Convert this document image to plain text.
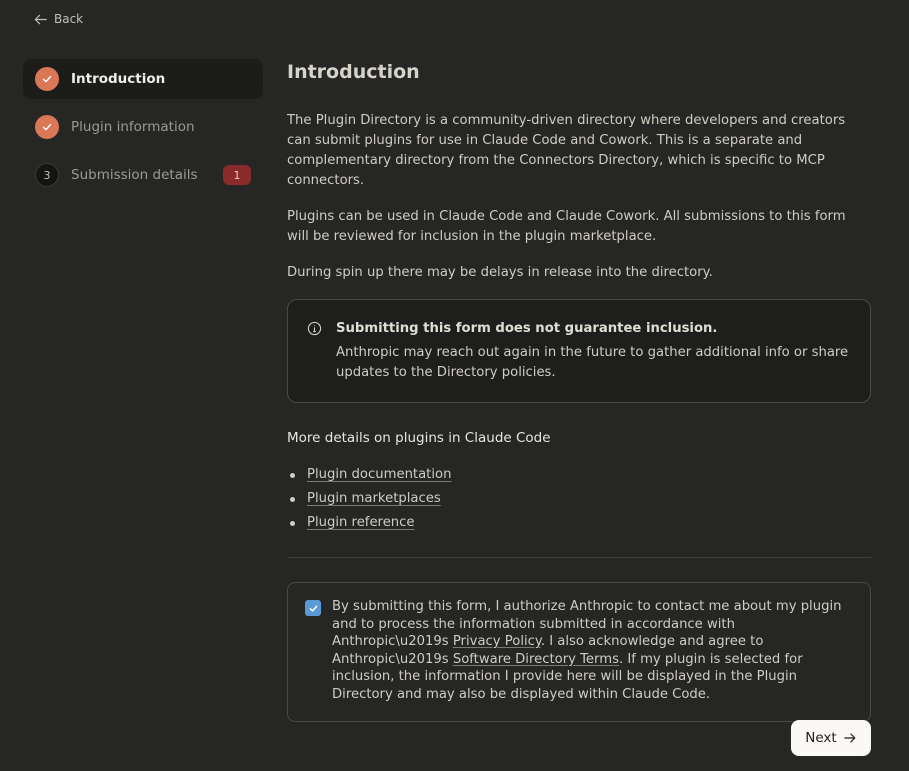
Back
Introduction
Plugin information
3	Submission details	1
Introduction

The Plugin Directory is a community-driven directory where developers and creators can submit plugins for use in Claude Code and Cowork. This is a separate and complementary directory from the Connectors Directory, which is specific to MCP connectors.

Plugins can be used in Claude Code and Claude Cowork. All submissions to this form will be reviewed for inclusion in the plugin marketplace.

During spin up there may be delays in release into the directory.

Submitting this form does not guarantee inclusion.
Anthropic may reach out again in the future to gather additional info or share updates to the Directory policies.
More details on plugins in Claude Code
Plugin documentation
Plugin marketplaces
Plugin reference
By submitting this form, I authorize Anthropic to contact me about my plugin and to process the information submitted in accordance with Anthropic\u2019s Privacy Policy. I also acknowledge and agree to Anthropic\u2019s Software Directory Terms. If my plugin is selected for inclusion, the information I provide here will be displayed in the Plugin Directory and may also be displayed within Claude Code.
Next
